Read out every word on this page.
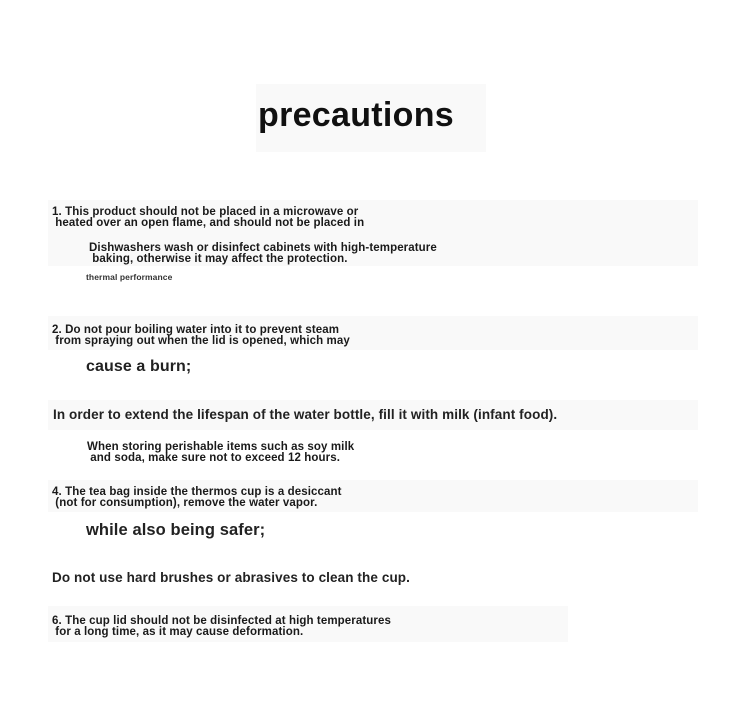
precautions
1. This product should not be placed in a microwave or
heated over an open flame, and should not be placed in
Dishwashers wash or disinfect cabinets with high-temperature
baking, otherwise it may affect the protection.
thermal performance
2. Do not pour boiling water into it to prevent steam
from spraying out when the lid is opened, which may
cause a burn;
In order to extend the lifespan of the water bottle, fill it with milk (infant food).
When storing perishable items such as soy milk
and soda, make sure not to exceed 12 hours.
4. The tea bag inside the thermos cup is a desiccant
(not for consumption), remove the water vapor.
while also being safer;
Do not use hard brushes or abrasives to clean the cup.
6. The cup lid should not be disinfected at high temperatures
for a long time, as it may cause deformation.
